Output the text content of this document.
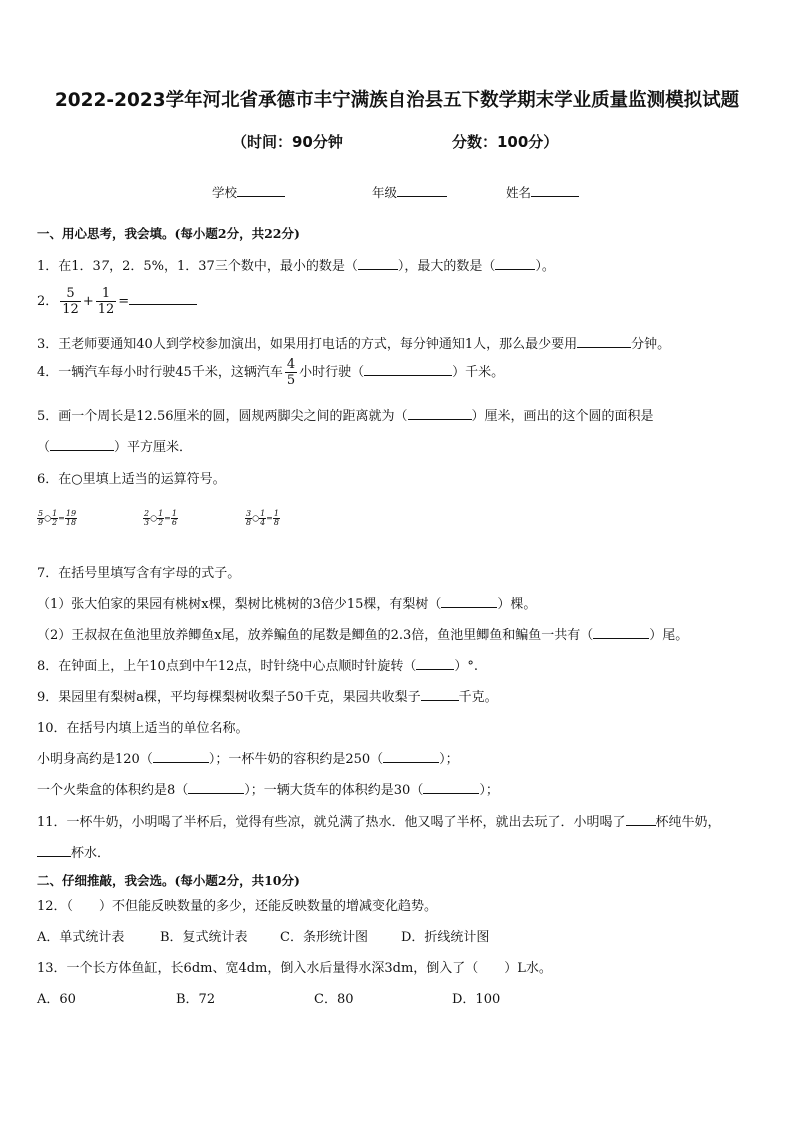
2022-2023学年河北省承德市丰宁满族自治县五下数学期末学业质量监测模拟试题
（时间：90分钟	分数：100分）
学校	年级	姓名
一、用心思考，我会填。(每小题2分，共22分)
1．在1．37，2．5%，1．37三个数中，最小的数是（	），最大的数是（	）。
2． $\frac{5}{12} + \frac{1}{12}$ =
3．王老师要通知40人到学校参加演出，如果用打电话的方式，每分钟通知1人，那么最少要用	分钟。
4．一辆汽车每小时行驶45千米，这辆汽车 $\frac{4}{5}$ 小时行驶（	）千米。
5．画一个周长是12.56厘米的圆，圆规两脚尖之间的距离就为（	）厘米，画出的这个圆的面积是
（	）平方厘米．
6．在○里填上适当的运算符号。
$\frac{5}{9}$ ○ $\frac{1}{2} = \frac{19}{18}$	$\frac{2}{3}$ ○ $\frac{1}{2} = \frac{1}{6}$	$\frac{3}{8}$ ○ $\frac{1}{4} = \frac{1}{8}$
7．在括号里填写含有字母的式子。
（1）张大伯家的果园有桃树x棵，梨树比桃树的3倍少15棵，有梨树（	）棵。
（2）王叔叔在鱼池里放养鲫鱼x尾，放养鳊鱼的尾数是鲫鱼的2.3倍，鱼池里鲫鱼和鳊鱼一共有（	）尾。
8．在钟面上，上午10点到中午12点，时针绕中心点顺时针旋转（	）°.
9．果园里有梨树a棵，平均每棵梨树收梨子50千克，果园共收梨子	千克。
10．在括号内填上适当的单位名称。
小明身高约是120（	）；一杯牛奶的容积约是250（	）；
一个火柴盒的体积约是8（	）；一辆大货车的体积约是30（	）；
11．一杯牛奶，小明喝了半杯后，觉得有些凉，就兑满了热水．他又喝了半杯，就出去玩了．小明喝了 杯纯牛奶，
杯水．
二、仔细推敲，我会选。(每小题2分，共10分)
12．（　　）不但能反映数量的多少，还能反映数量的增减变化趋势。
A．单式统计表	B．复式统计表 C．条形统计图	D．折线统计图
13．一个长方体鱼缸，长6dm、宽4dm，倒入水后量得水深3dm，倒入了（　　）L水。
A．60	B．72	C．80	D．100
